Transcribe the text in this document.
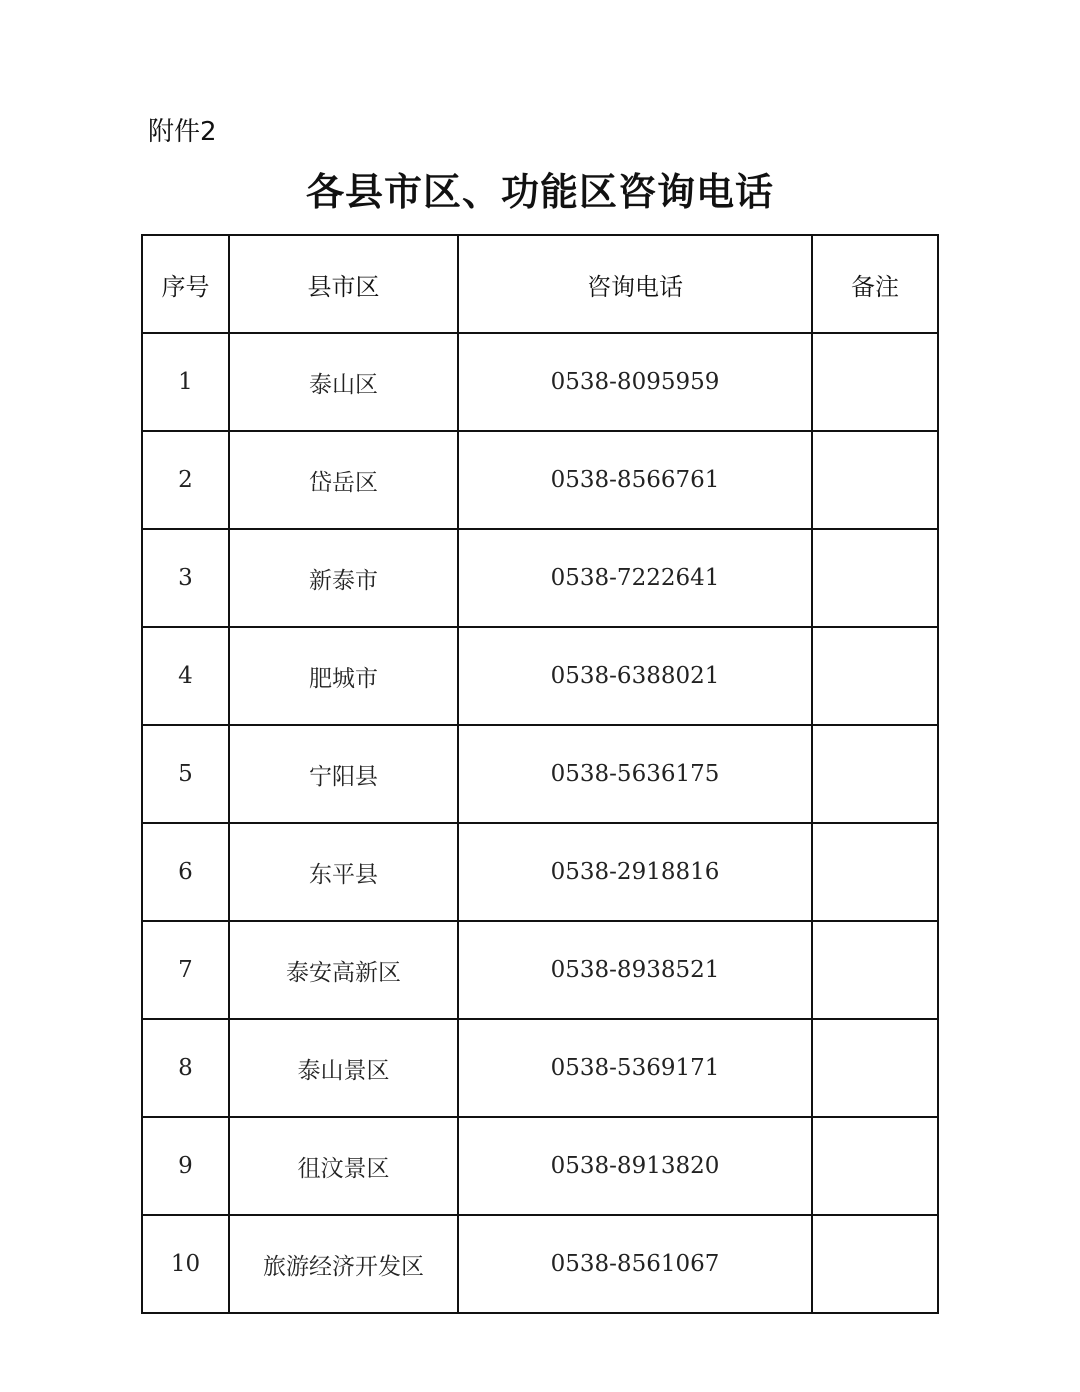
附件2

各县市区、功能区咨询电话
序号	县市区	咨询电话	备注
1	泰山区	0538-8095959	
2	岱岳区	0538-8566761	
3	新泰市	0538-7222641	
4	肥城市	0538-6388021	
5	宁阳县	0538-5636175	
6	东平县	0538-2918816	
7	泰安高新区	0538-8938521	
8	泰山景区	0538-5369171	
9	徂汶景区	0538-8913820	
10	旅游经济开发区	0538-8561067	
